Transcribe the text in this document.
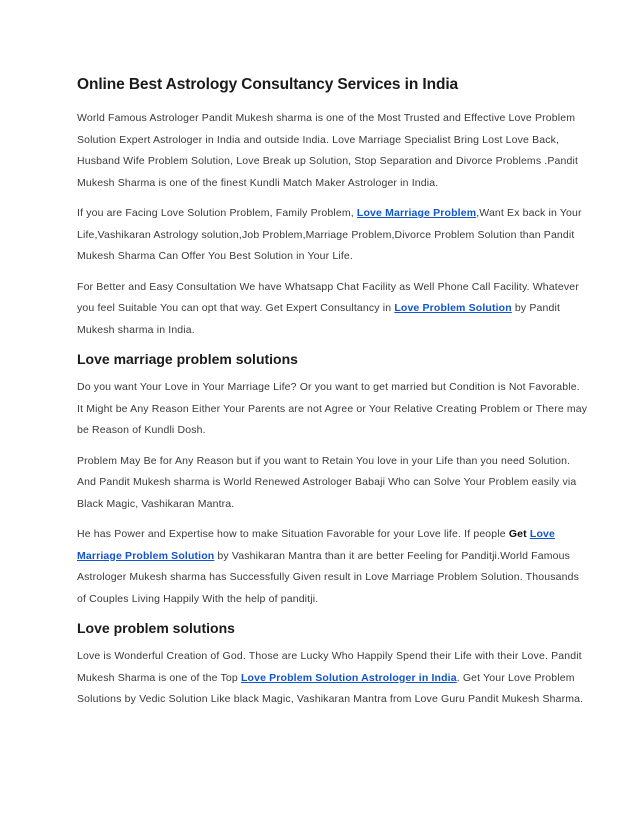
Online Best Astrology Consultancy Services in India

World Famous Astrologer Pandit Mukesh sharma is one of the Most Trusted and Effective Love Problem Solution Expert Astrologer in India and outside India. Love Marriage Specialist Bring Lost Love Back, Husband Wife Problem Solution, Love Break up Solution, Stop Separation and Divorce Problems .Pandit Mukesh Sharma is one of the finest Kundli Match Maker Astrologer in India.

If you are Facing Love Solution Problem, Family Problem, Love Marriage Problem,Want Ex back in Your Life,Vashikaran Astrology solution,Job Problem,Marriage Problem,Divorce Problem Solution than Pandit Mukesh Sharma Can Offer You Best Solution in Your Life.

For Better and Easy Consultation We have Whatsapp Chat Facility as Well Phone Call Facility. Whatever you feel Suitable You can opt that way. Get Expert Consultancy in Love Problem Solution by Pandit Mukesh sharma in India.

Love marriage problem solutions

Do you want Your Love in Your Marriage Life? Or you want to get married but Condition is Not Favorable. It Might be Any Reason Either Your Parents are not Agree or Your Relative Creating Problem or There may be Reason of Kundli Dosh.

Problem May Be for Any Reason but if you want to Retain You love in your Life than you need Solution. And Pandit Mukesh sharma is World Renewed Astrologer Babaji Who can Solve Your Problem easily via Black Magic, Vashikaran Mantra.

He has Power and Expertise how to make Situation Favorable for your Love life. If people Get Love Marriage Problem Solution by Vashikaran Mantra than it are better Feeling for Panditji.World Famous Astrologer Mukesh sharma has Successfully Given result in Love Marriage Problem Solution. Thousands of Couples Living Happily With the help of panditji.

Love problem solutions

Love is Wonderful Creation of God. Those are Lucky Who Happily Spend their Life with their Love. Pandit Mukesh Sharma is one of the Top Love Problem Solution Astrologer in India. Get Your Love Problem Solutions by Vedic Solution Like black Magic, Vashikaran Mantra from Love Guru Pandit Mukesh Sharma.
